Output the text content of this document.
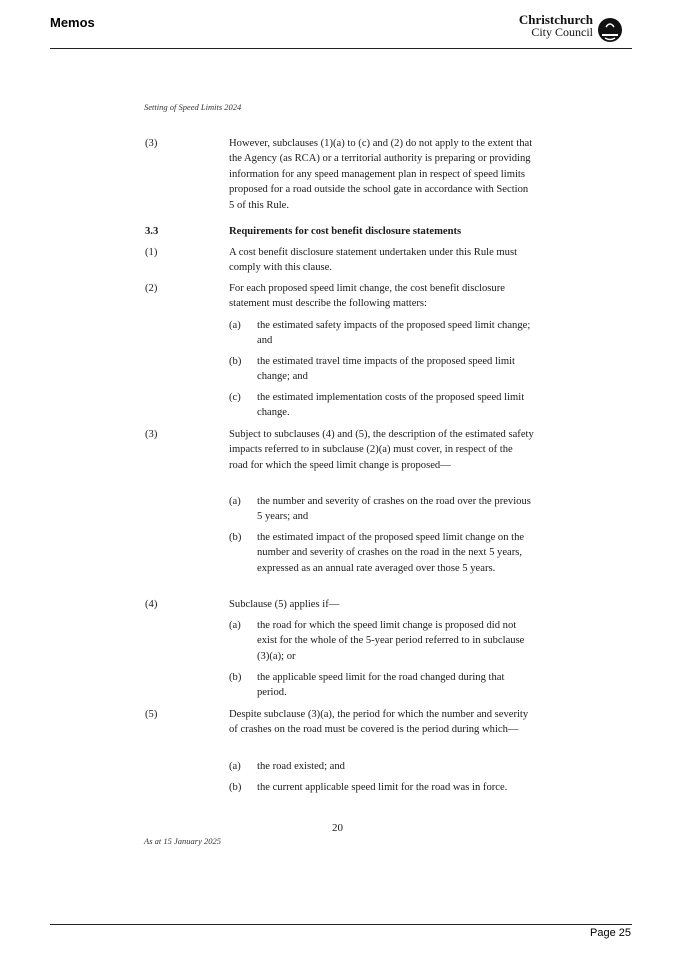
Memos	Christchurch
City Council
Setting of Speed Limits 2024
(3)	However, subclauses (1)(a) to (c) and (2) do not apply to the extent that the Agency (as RCA) or a territorial authority is preparing or providing information for any speed management plan in respect of speed limits proposed for a road outside the school gate in accordance with Section 5 of this Rule.
3.3	Requirements for cost benefit disclosure statements
(1)	A cost benefit disclosure statement undertaken under this Rule must comply with this clause.
(2)	For each proposed speed limit change, the cost benefit disclosure statement must describe the following matters:
(a) the estimated safety impacts of the proposed speed limit change; and
(b) the estimated travel time impacts of the proposed speed limit change; and
(c) the estimated implementation costs of the proposed speed limit change.
(3)	Subject to subclauses (4) and (5), the description of the estimated safety impacts referred to in subclause (2)(a) must cover, in respect of the road for which the speed limit change is proposed—
(a) the number and severity of crashes on the road over the previous 5 years; and
(b) the estimated impact of the proposed speed limit change on the number and severity of crashes on the road in the next 5 years, expressed as an annual rate averaged over those 5 years.
(4)	Subclause (5) applies if—
(a) the road for which the speed limit change is proposed did not exist for the whole of the 5-year period referred to in subclause (3)(a); or
(b) the applicable speed limit for the road changed during that period.
(5)	Despite subclause (3)(a), the period for which the number and severity of crashes on the road must be covered is the period during which—
(a) the road existed; and
(b) the current applicable speed limit for the road was in force.
20
As at 15 January 2025
Page 25
